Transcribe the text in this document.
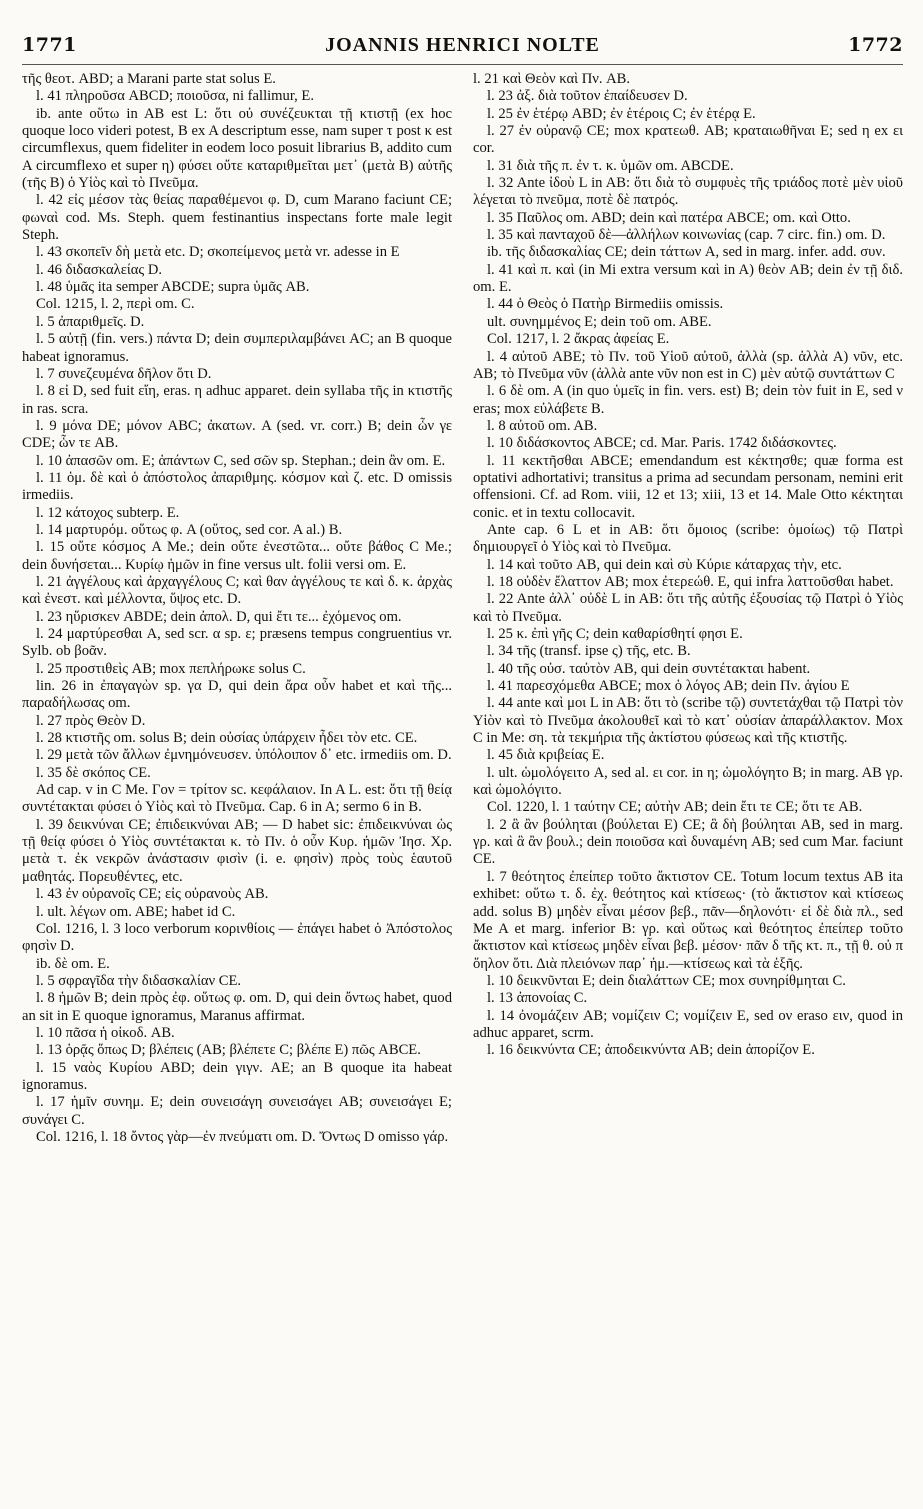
1771	JOANNIS HENRICI NOLTE	1772

τῆς θεοτ. ABD; a Marani parte stat solus E.

l. 41 πληροῦσα ABCD; ποιοῦσα, ni fallimur, E.

ib. ante οὕτω in AB est L: ὅτι οὐ συνέζευκται τῇ κτιστῇ (ex hoc quoque loco videri potest, B ex A descriptum esse, nam super τ post κ est circumflexus, quem fideliter in eodem loco posuit librarius B, addito cum A circumflexo et super η) φύσει οὔτε καταριθμεῖται μετ᾽ (μετὰ B) αὐτῆς (τῆς B) ὁ Υἱὸς καὶ τὸ Πνεῦμα.

l. 42 εἰς μέσον τὰς θείας παραθέμενοι φ. D, cum Marano faciunt CE; φωναὶ cod. Ms. Steph. quem festinantius inspectans forte male legit Steph.

l. 43 σκοπεῖν δὴ μετὰ etc. D; σκοπείμενος μετὰ vr. adesse in E

l. 46 διδασκαλείας D.

l. 48 ὑμᾶς ita semper ABCDE; supra ὑμᾶς AB.

Col. 1215, l. 2, περὶ om. C.

l. 5 ἀπαριθμεῖς. D.

l. 5 αὐτῇ (fin. vers.) πάντα D; dein συμπεριλαμβάνει AC; an B quoque habeat ignoramus.

l. 7 συνεζευμένα δῆλον ὅτι D.

l. 8 εἰ D, sed fuit εἴη, eras. η adhuc apparet. dein syllaba τῆς in κτιστῆς in ras. scra.

l. 9 μόνα DE; μόνον ABC; ἀκατων. A (sed. vr. corr.) B; dein ὧν γε CDE; ὧν τε AB.

l. 10 ἀπασῶν om. E; ἁπάντων C, sed σῶν sp. Stephan.; dein ἂν om. E.

l. 11 ὁμ. δὲ καὶ ὁ ἀπόστολος ἀπαριθμης. κόσμον καὶ ζ. etc. D omissis irmediis.

l. 12 κάτοχος subterp. E.

l. 14 μαρτυρόμ. οὕτως φ. A (οὕτος, sed cor. A al.) B.

l. 15 οὔτε κόσμος A Me.; dein οὔτε ἐνεστῶτα... οὔτε βάθος C Me.; dein δυνήσεται... Κυρίῳ ἡμῶν in fine versus ult. folii versi om. E.

l. 21 ἀγγέλους καὶ ἀρχαγγέλους C; καὶ θαν ἀγγέλους τε καὶ δ. κ. ἀρχὰς καὶ ἐνεστ. καὶ μέλλοντα, ὕψος etc. D.

l. 23 ηὕρισκεν ABDE; dein ἀπολ. D, qui ἔτι τε... ἐχόμενος om.

l. 24 μαρτύρεσθαι A, sed scr. α sp. ε; præsens tempus congruentius vr. Sylb. ob βοᾶν.

l. 25 προστιθεὶς AB; mox πεπλήρωκε solus C.

lin. 26 in ἐπαγαγὼν sp. γα D, qui dein ἄρα οὖν habet et καὶ τῆς... παραδήλωσας om.

l. 27 πρὸς Θεὸν D.

l. 28 κτιστῆς om. solus B; dein οὐσίας ὑπάρχειν ἦδει τὸν etc. CE.

l. 29 μετὰ τῶν ἄλλων ἐμνημόνευσεν. ὑπόλοιπον δ᾽ etc. irmediis om. D.

l. 35 δὲ σκόπος CE.

Ad cap. v in C Me. Γον = τρίτον sc. κεφάλαιον. In A L. est: ὅτι τῇ θείᾳ συντέτακται φύσει ὁ Υἱὸς καὶ τὸ Πνεῦμα. Cap. 6 in A; sermo 6 in B.

l. 39 δεικνύναι CE; ἐπιδεικνύναι AB; — D habet sic: ἐπιδεικνύναι ὡς τῇ θείᾳ φύσει ὁ Υἱὸς συντέτακται κ. τὸ Πν. ὁ οὖν Κυρ. ἡμῶν Ἰησ. Χρ. μετὰ τ. ἐκ νεκρῶν ἀνάστασιν φισὶν (i. e. φησὶν) πρὸς τοὺς ἑαυτοῦ μαθητάς. Πορευθέντες, etc.

l. 43 ἐν οὐρανοῖς CE; εἰς οὐρανοὺς AB.

l. ult. λέγων om. ABE; habet id C.

Col. 1216, l. 3 loco verborum κορινθίοις — ἐπάγει habet ὁ Ἀπόστολος φησὶν D.

ib. δὲ om. E.

l. 5 σφραγῖδα τὴν διδασκαλίαν CE.

l. 8 ἡμῶν B; dein πρὸς ἐφ. οὕτως φ. om. D, qui dein ὄντως habet, quod an sit in E quoque ignoramus, Maranus affirmat.

l. 10 πᾶσα ἡ οἰκοδ. AB.

l. 13 ὁρᾷς ὅπως D; βλέπεις (AB; βλέπετε C; βλέπε E) πῶς ABCE.

l. 15 ναὸς Κυρίου ABD; dein γιγν. AE; an B quoque ita habeat ignoramus.

l. 17 ἡμῖν συνημ. E; dein συνεισάγη συνεισάγει AB; συνεισάγει E; συνάγει C.

Col. 1216, l. 18 ὄντος γὰρ—ἐν πνεύματι om. D. Ὄντως D omisso γάρ.

l. 21 καὶ Θεὸν καὶ Πν. AB.

l. 23 ἀξ. διὰ τοῦτον ἐπαίδευσεν D.

l. 25 ἐν ἑτέρῳ ABD; ἐν ἑτέροις C; ἐν ἑτέρᾳ E.

l. 27 ἐν οὐρανῷ CE; mox κρατεωθ. AB; κραταιωθῆναι E; sed η ex ει cor.

l. 31 διὰ τῆς π. ἐν τ. κ. ὑμῶν om. ABCDE.

l. 32 Ante ἰδοὺ L in AB: ὅτι διὰ τὸ συμφυὲς τῆς τριάδος ποτὲ μὲν υἱοῦ λέγεται τὸ πνεῦμα, ποτὲ δὲ πατρός.

l. 35 Παῦλος om. ABD; dein καὶ πατέρα ABCE; om. καὶ Otto.

l. 35 καὶ πανταχοῦ δὲ—ἀλλήλων κοινωνίας (cap. 7 circ. fin.) om. D.

ib. τῆς διδασκαλίας CE; dein τάττων A, sed in marg. infer. add. συν.

l. 41 καὶ π. καὶ (in Mi extra versum καὶ in A) θεὸν AB; dein ἐν τῇ διδ. om. E.

l. 44 ὁ Θεὸς ὁ Πατὴρ Birmediis omissis.

ult. συνημμένος E; dein τοῦ om. ABE.

Col. 1217, l. 2 ἄκρας ἀφείας E.

l. 4 αὐτοῦ ABE; τὸ Πν. τοῦ Υἱοῦ αὐτοῦ, ἀλλὰ (sp. ἀλλὰ A) νῦν, etc. AB; τὸ Πνεῦμα νῦν (ἀλλὰ ante νῦν non est in C) μὲν αὐτῷ συντάττων C

l. 6 δὲ om. A (in quo ὑμεῖς in fin. vers. est) B; dein τὸν fuit in E, sed ν eras; mox εὐλάβετε B.

l. 8 αὐτοῦ om. AB.

l. 10 διδάσκοντος ABCE; cd. Mar. Paris. 1742 διδάσκοντες.

l. 11 κεκτῆσθαι ABCE; emendandum est κέκτησθε; quæ forma est optativi adhortativi; transitus a prima ad secundam personam, nemini erit offensioni. Cf. ad Rom. viii, 12 et 13; xiii, 13 et 14. Male Otto κέκτηται conic. et in textu collocavit.

Ante cap. 6 L et in AB: ὅτι ὅμοιος (scribe: ὁμοίως) τῷ Πατρὶ δημιουργεῖ ὁ Υἱὸς καὶ τὸ Πνεῦμα.

l. 14 καὶ τοῦτο AB, qui dein καὶ σὺ Κύριε κάταρχας τὴν, etc.

l. 18 οὐδὲν ἔλαττον AB; mox ἐτερεώθ. E, qui infra λαττοῦσθαι habet.

l. 22 Ante ἀλλ᾽ οὐδὲ L in AB: ὅτι τῆς αὐτῆς ἐξουσίας τῷ Πατρὶ ὁ Υἱὸς καὶ τὸ Πνεῦμα.

l. 25 κ. ἐπὶ γῆς C; dein καθαρίσθητί φησι E.

l. 34 τῆς (transf. ipse ς) τῆς, etc. B.

l. 40 τῆς οὐσ. ταὐτὸν AB, qui dein συντέτακται habent.

l. 41 παρεσχόμεθα ABCE; mox ὁ λόγος AB; dein Πν. ἁγίου E

l. 44 ante καὶ μοι L in AB: ὅτι τὸ (scribe τῷ) συντετάχθαι τῷ Πατρὶ τὸν Υἱὸν καὶ τὸ Πνεῦμα ἀκολουθεῖ καὶ τὸ κατ᾽ οὐσίαν ἀπαράλλακτον. Mox C in Me: ση. τὰ τεκμήρια τῆς ἀκτίστου φύσεως καὶ τῆς κτιστῆς.

l. 45 διὰ κριβείας E.

l. ult. ὡμολόγειτο A, sed al. ει cor. in η; ὡμολόγητο B; in marg. AB γρ. καὶ ὡμολόγιτο.

Col. 1220, l. 1 ταύτην CE; αὐτὴν AB; dein ἔτι τε CE; ὅτι τε AB.

l. 2 ἃ ἂν βούληται (βούλεται E) CE; ἃ δὴ βούληται AB, sed in marg. γρ. καὶ ἃ ἂν βουλ.; dein ποιοῦσα καὶ δυναμένη AB; sed cum Mar. faciunt CE.

l. 7 θεότητος ἐπείπερ τοῦτο ἄκτιστον CE. Totum locum textus AB ita exhibet: οὕτω τ. δ. ἐχ. θεότητος καὶ κτίσεως· (τὸ ἄκτιστον καὶ κτίσεως add. solus B) μηδὲν εἶναι μέσον βεβ., πᾶν—δηλονότι· εἰ δὲ διὰ πλ., sed Me A et marg. inferior B: γρ. καὶ οὕτως καὶ θεότητος ἐπείπερ τοῦτο ἄκτιστον καὶ κτίσεως μηδὲν εἶναι βεβ. μέσον· πᾶν δ τῆς κτ. π., τῇ θ. οὐ π ὅηλον ὅτι. Διὰ πλειόνων παρ᾽ ἡμ.—κτίσεως καὶ τὰ ἑξῆς.

l. 10 δεικνῦνται E; dein διαλάττων CE; mox συνηρίθμηται C.

l. 13 ἀπονοίας C.

l. 14 ὀνομάζειν AB; νομίζειν C; νομίζειν E, sed ον eraso ειν, quod in adhuc apparet, scrm.

l. 16 δεικνύντα CE; ἀποδεικνύντα AB; dein ἀπορίζον E.
